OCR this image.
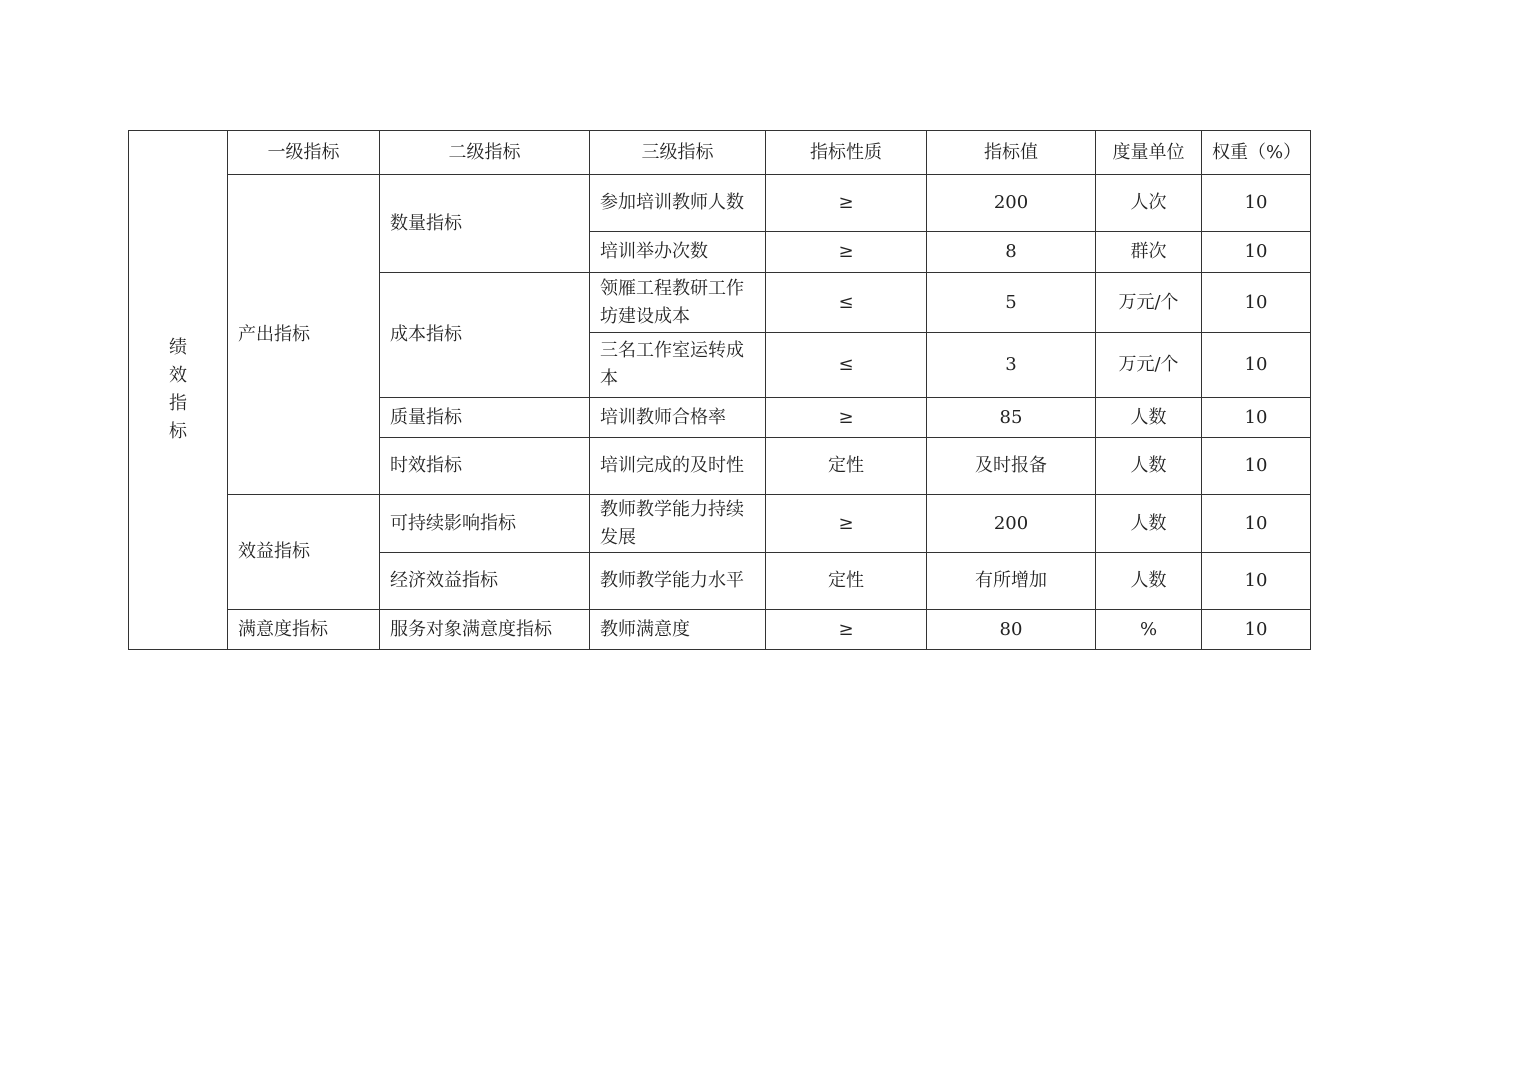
绩效指标	一级指标	二级指标	三级指标	指标性质	指标值	度量单位	权重（%）
	产出指标	数量指标	参加培训教师人数	≥	200	人次	10
			培训举办次数	≥	8	群次	10
		成本指标	领雁工程教研工作坊建设成本	≤	5	万元/个	10
			三名工作室运转成本	≤	3	万元/个	10
		质量指标	培训教师合格率	≥	85	人数	10
		时效指标	培训完成的及时性	定性	及时报备	人数	10
	效益指标	可持续影响指标	教师教学能力持续发展	≥	200	人数	10
		经济效益指标	教师教学能力水平	定性	有所增加	人数	10
	满意度指标	服务对象满意度指标	教师满意度	≥	80	%	10
